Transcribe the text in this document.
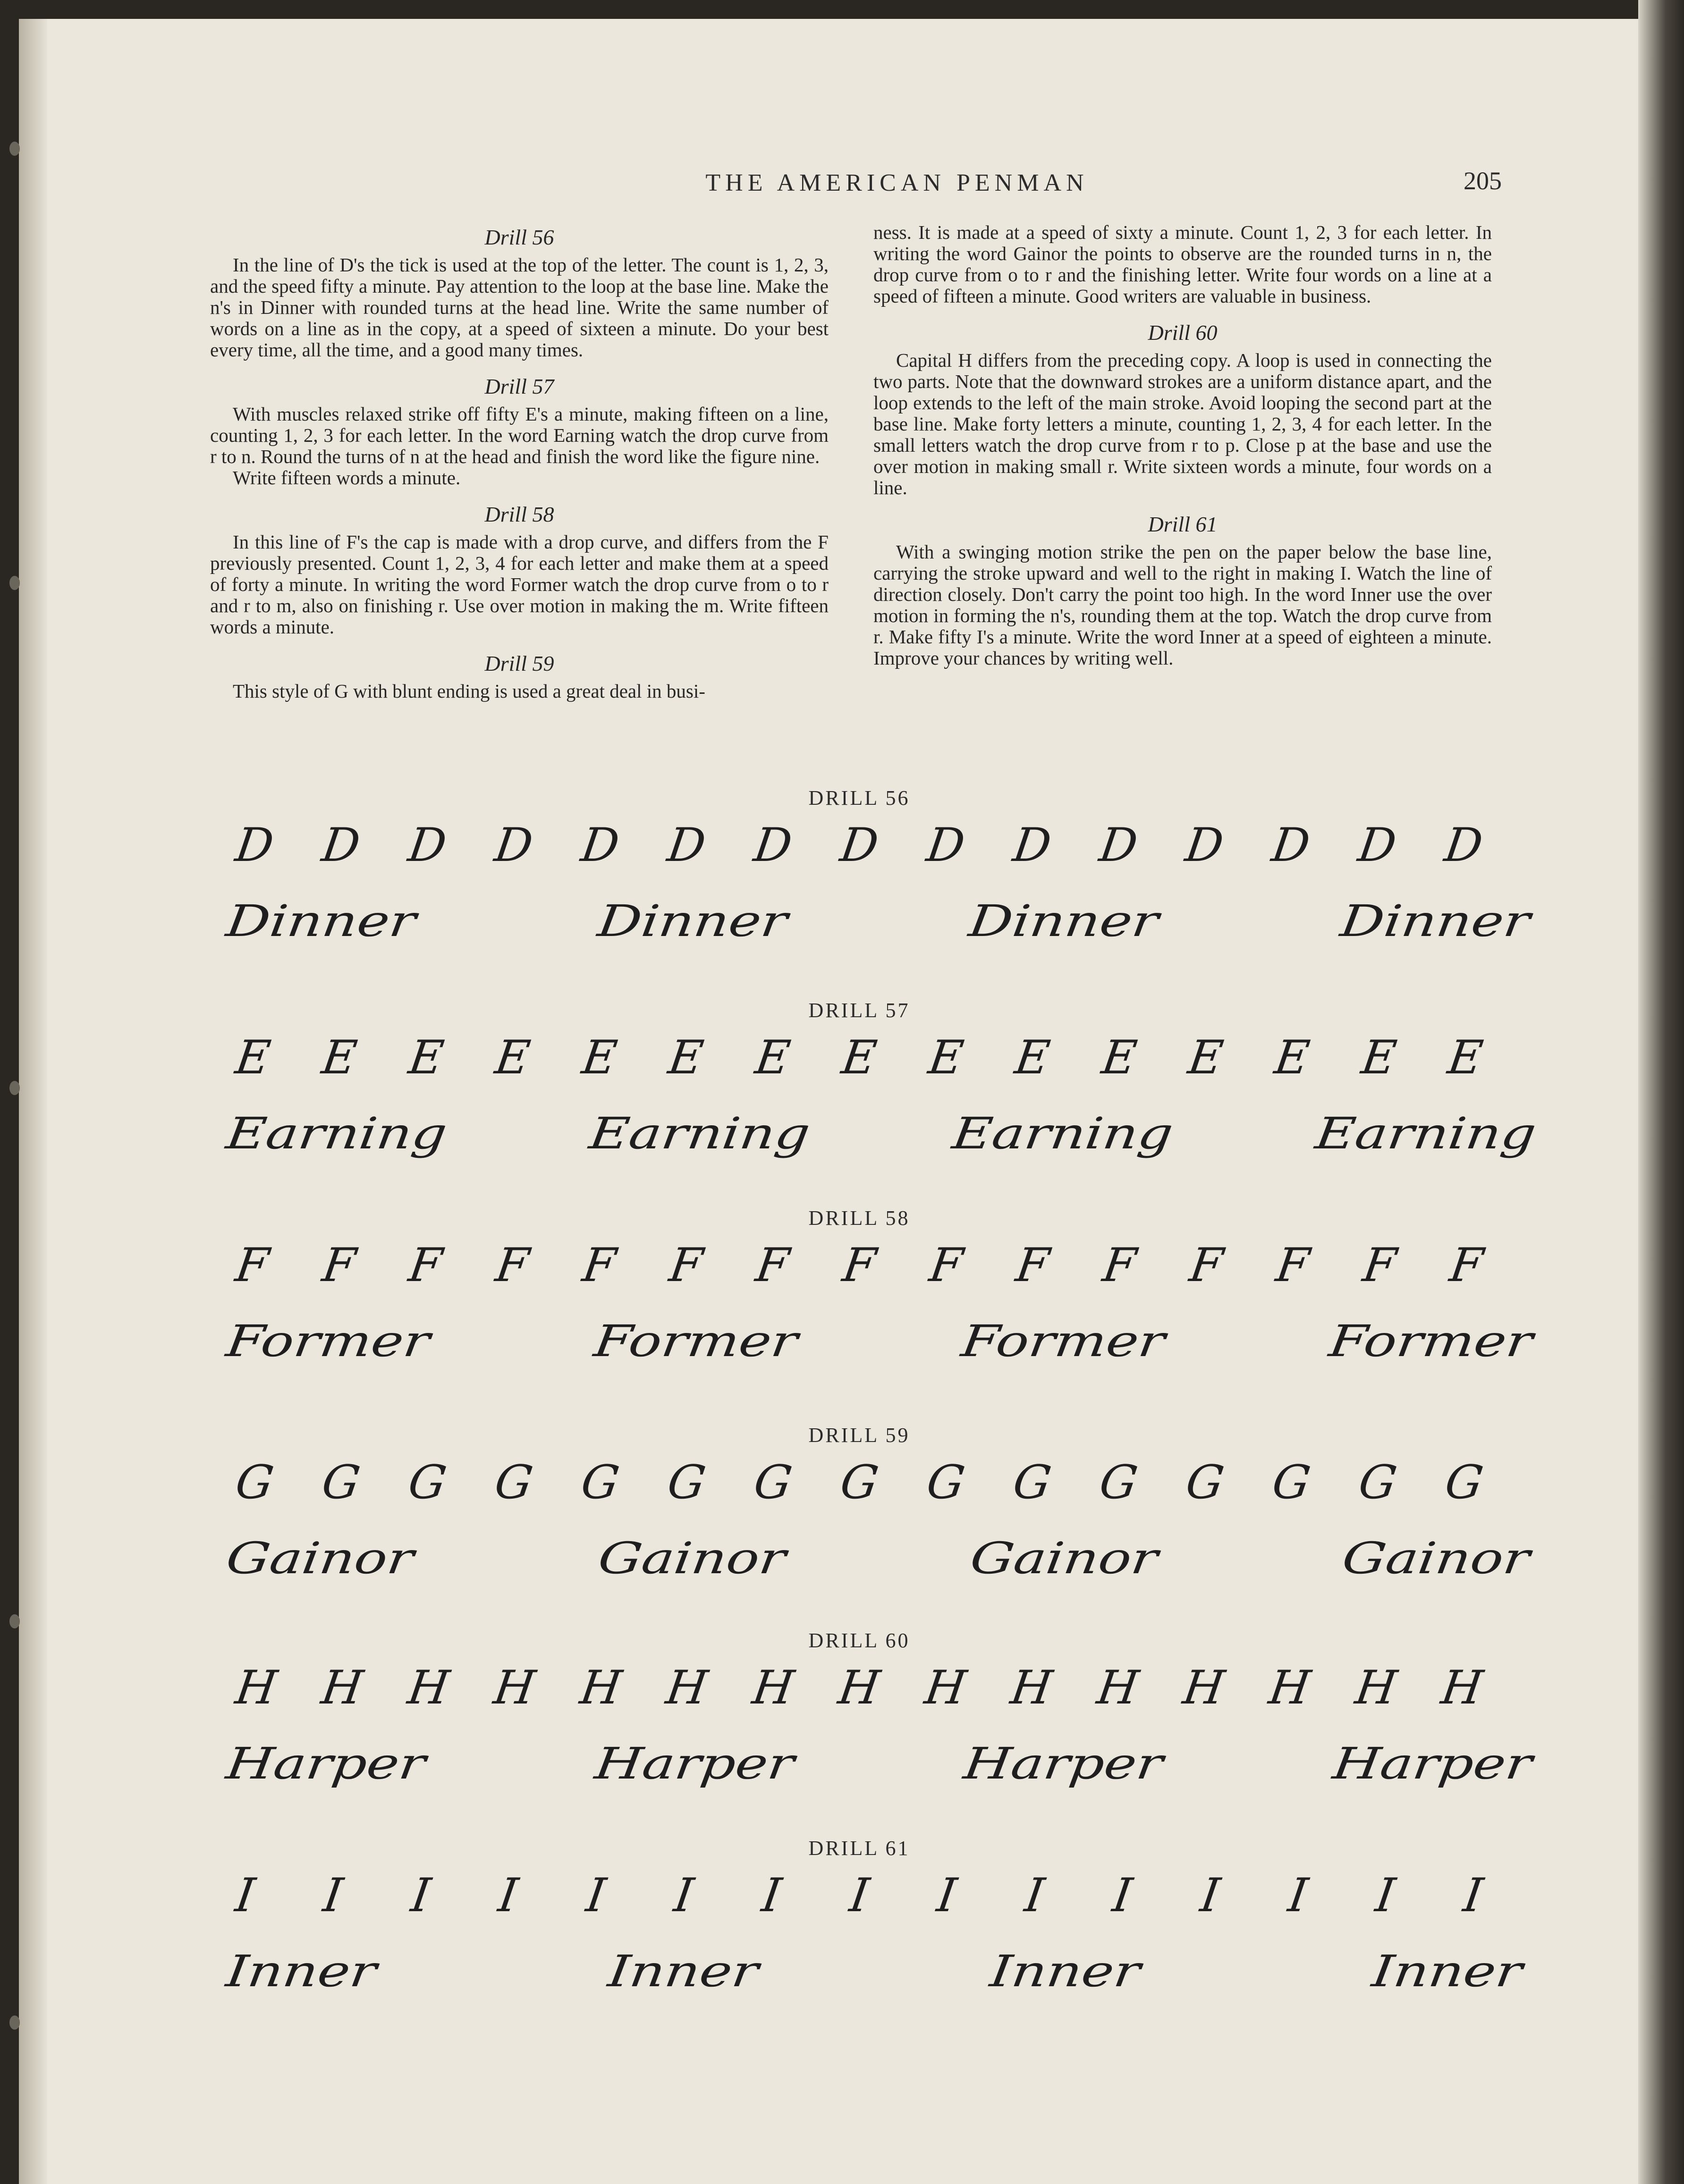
THE AMERICAN PENMAN	205
Drill 56

In the line of D's the tick is used at the top of the letter. The count is 1, 2, 3, and the speed fifty a minute. Pay attention to the loop at the base line. Make the n's in Dinner with rounded turns at the head line. Write the same number of words on a line as in the copy, at a speed of sixteen a minute. Do your best every time, all the time, and a good many times.

Drill 57

With muscles relaxed strike off fifty E's a minute, making fifteen on a line, counting 1, 2, 3 for each letter. In the word Earning watch the drop curve from r to n. Round the turns of n at the head and finish the word like the figure nine.

Write fifteen words a minute.

Drill 58

In this line of F's the cap is made with a drop curve, and differs from the F previously presented. Count 1, 2, 3, 4 for each letter and make them at a speed of forty a minute. In writing the word Former watch the drop curve from o to r and r to m, also on finishing r. Use over motion in making the m. Write fifteen words a minute.

Drill 59

This style of G with blunt ending is used a great deal in busi-

ness. It is made at a speed of sixty a minute. Count 1, 2, 3 for each letter. In writing the word Gainor the points to observe are the rounded turns in n, the drop curve from o to r and the finishing letter. Write four words on a line at a speed of fifteen a minute. Good writers are valuable in business.

Drill 60

Capital H differs from the preceding copy. A loop is used in connecting the two parts. Note that the downward strokes are a uniform distance apart, and the loop extends to the left of the main stroke. Avoid looping the second part at the base line. Make forty letters a minute, counting 1, 2, 3, 4 for each letter. In the small letters watch the drop curve from r to p. Close p at the base and use the over motion in making small r. Write sixteen words a minute, four words on a line.

Drill 61

With a swinging motion strike the pen on the paper below the base line, carrying the stroke upward and well to the right in making I. Watch the line of direction closely. Don't carry the point too high. In the word Inner use the over motion in forming the n's, rounding them at the top. Watch the drop curve from r. Make fifty I's a minute. Write the word Inner at a speed of eighteen a minute. Improve your chances by writing well.

DRILL 56
D D D D D D D D D D D D D D D
Dinner	Dinner	Dinner	Dinner
DRILL 57
E E E E E E E E E E E E E E E
Earning	Earning	Earning	Earning
DRILL 58
F F F F F F F F F F F F F F F
Former	Former	Former	Former
DRILL 59
G G G G G G G G G G G G G G G
Gainor	Gainor	Gainor	Gainor
DRILL 60
H H H H H H H H H H H H H H H
Harper	Harper	Harper	Harper
DRILL 61
I I I I I I I I I I I I I I I
Inner	Inner	Inner	Inner
